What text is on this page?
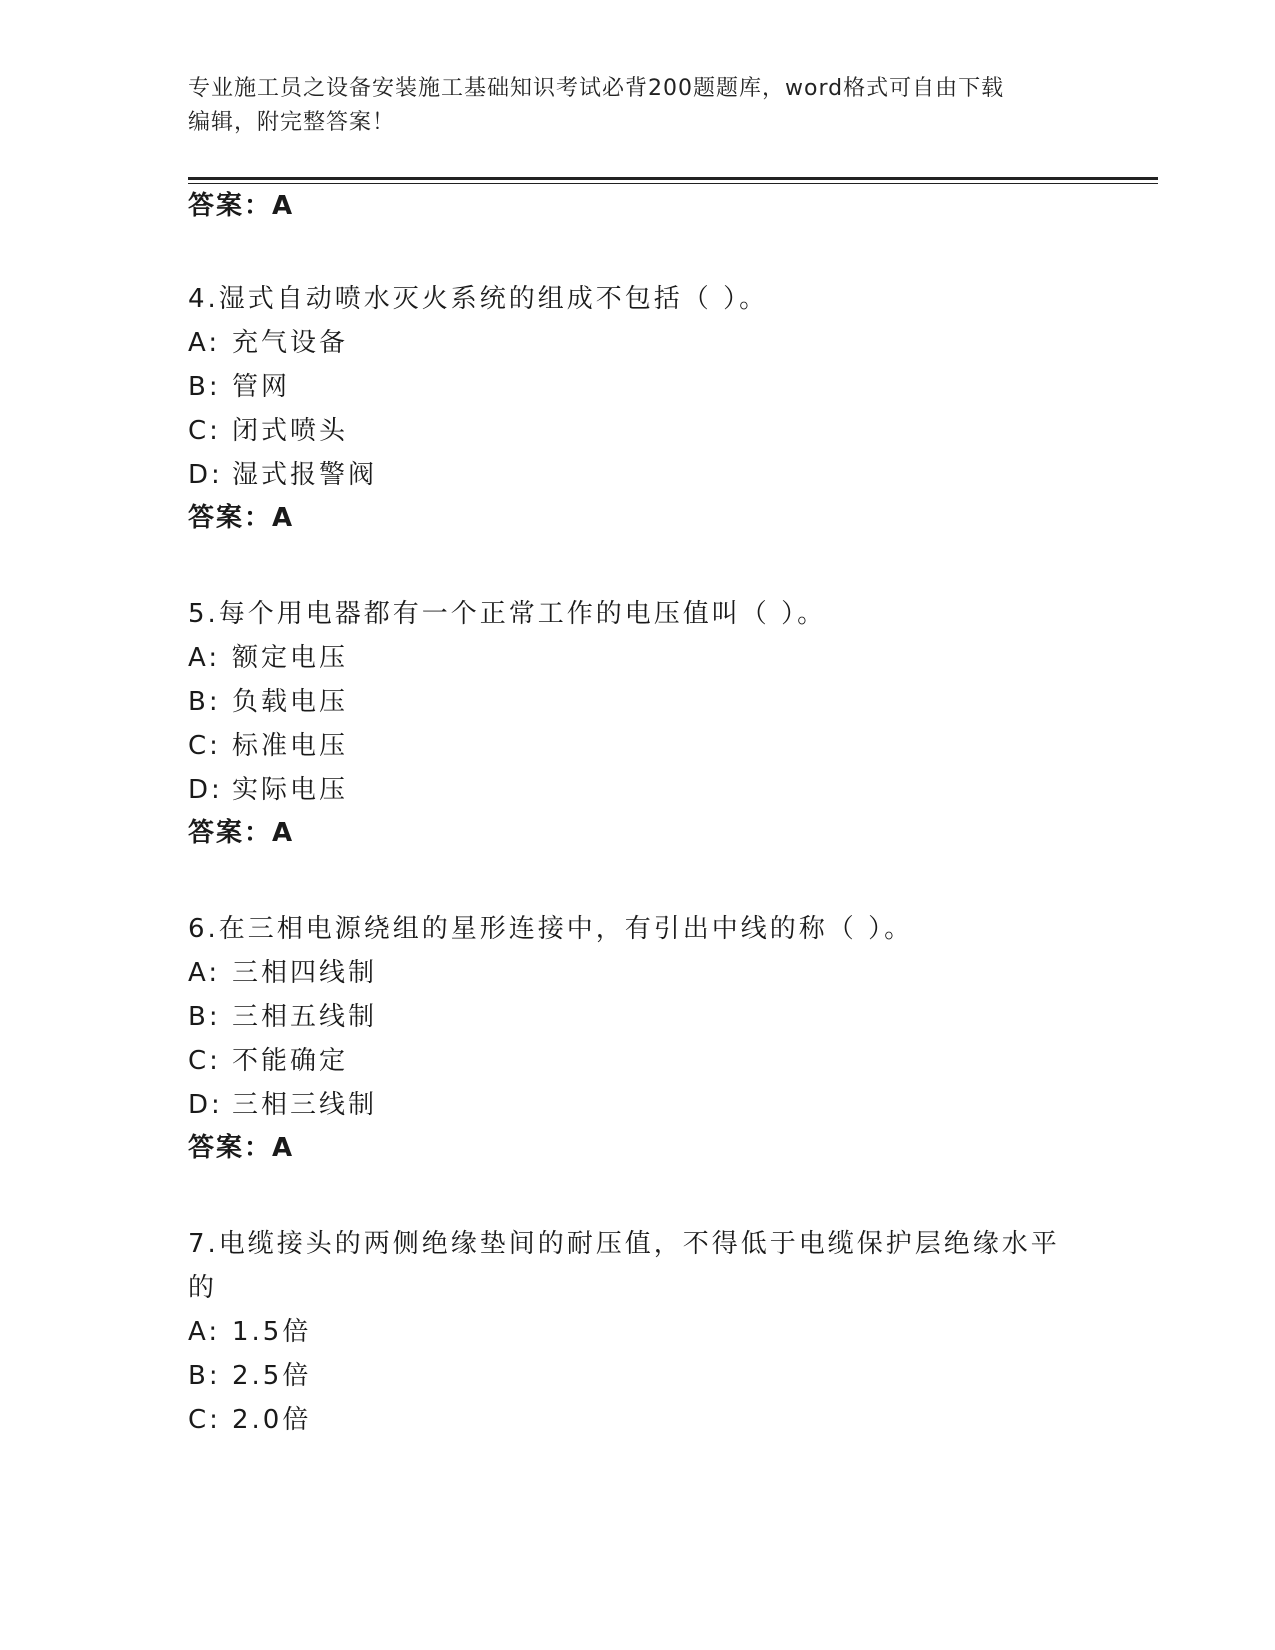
专业施工员之设备安装施工基础知识考试必背200题题库，word格式可自由下载
编辑，附完整答案！
答案：A
4.湿式自动喷水灭火系统的组成不包括（ ）。
A: 充气设备
B: 管网
C: 闭式喷头
D: 湿式报警阀
答案：A
5.每个用电器都有一个正常工作的电压值叫（ ）。
A: 额定电压
B: 负载电压
C: 标准电压
D: 实际电压
答案：A
6.在三相电源绕组的星形连接中，有引出中线的称（ ）。
A: 三相四线制
B: 三相五线制
C: 不能确定
D: 三相三线制
答案：A
7.电缆接头的两侧绝缘垫间的耐压值，不得低于电缆保护层绝缘水平
的
A: 1.5倍
B: 2.5倍
C: 2.0倍
